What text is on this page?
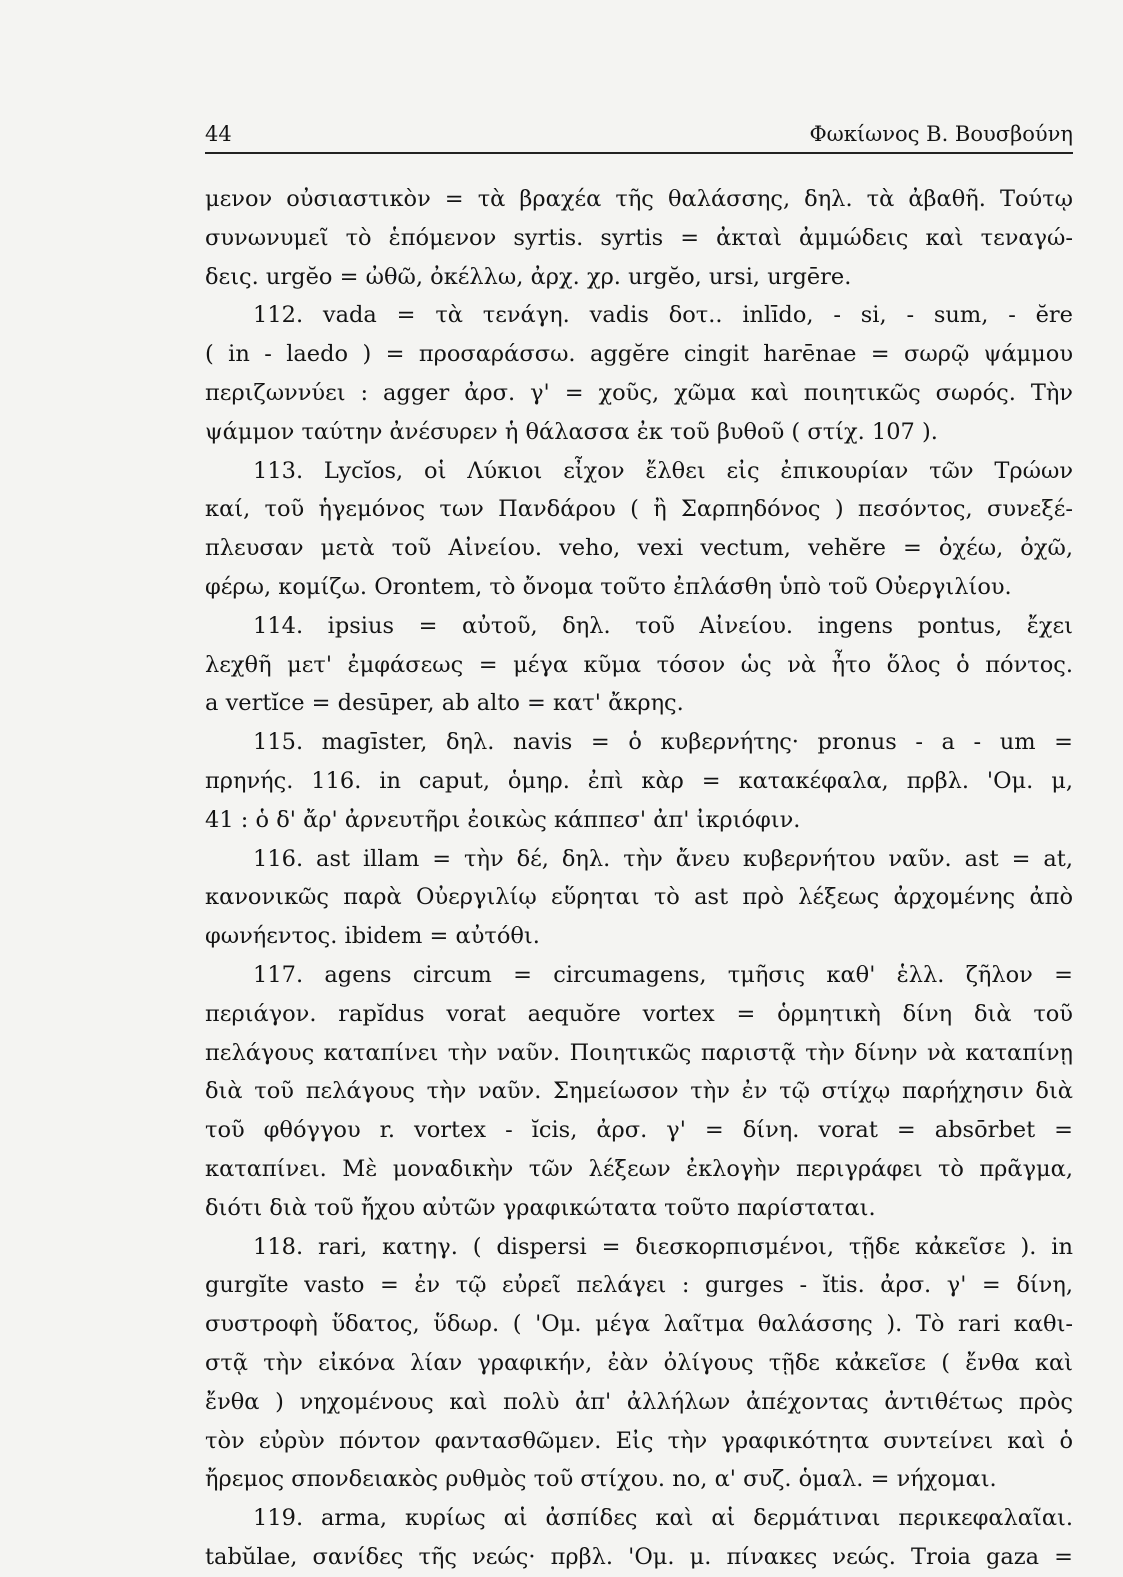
44	Φωκίωνος Β. Βουσβούνη
μενον οὐσιαστικὸν = τὰ βραχέα τῆς θαλάσσης, δηλ. τὰ ἀβαθῆ. Τούτῳ
συνωνυμεῖ τὸ ἑπόμενον syrtis. syrtis = ἀκταὶ ἀμμώδεις καὶ τεναγώ-
δεις. urgĕo = ὠθῶ, ὀκέλλω, ἀρχ. χρ. urgĕo, ursi, urgēre.
112. vada = τὰ τενάγη. vadis δοτ.. inlīdo, - si, - sum, - ĕre
( in - laedo ) = προσαράσσω. aggĕre cingit harēnae = σωρῷ ψάμμου
περιζωννύει : agger ἀρσ. γ' = χοῦς, χῶμα καὶ ποιητικῶς σωρός. Τὴν
ψάμμον ταύτην ἀνέσυρεν ἡ θάλασσα ἐκ τοῦ βυθοῦ ( στίχ. 107 ).
113. Lycĭos, οἱ Λύκιοι εἶχον ἔλθει εἰς ἐπικουρίαν τῶν Τρώων
καί, τοῦ ἡγεμόνος των Πανδάρου ( ἢ Σαρπηδόνος ) πεσόντος, συνεξέ-
πλευσαν μετὰ τοῦ Αἰνείου. veho, vexi vectum, vehĕre = ὀχέω, ὀχῶ,
φέρω, κομίζω. Orontem, τὸ ὄνομα τοῦτο ἐπλάσθη ὑπὸ τοῦ Οὐεργιλίου.
114. ipsius = αὐτοῦ, δηλ. τοῦ Αἰνείου. ingens pontus, ἔχει
λεχθῆ μετ' ἐμφάσεως = μέγα κῦμα τόσον ὡς νὰ ἦτο ὅλος ὁ πόντος.
a vertĭce = desūper, ab alto = κατ' ἄκρης.
115. magīster, δηλ. navis = ὁ κυβερνήτης· pronus - a - um =
πρηνής. 116. in caput, ὁμηρ. ἐπὶ κὰρ = κατακέφαλα, πρβλ. 'Ομ. μ,
41 : ὁ δ' ἄρ' ἀρνευτῆρι ἐοικὼς κάππεσ' ἀπ' ἰκριόφιν.
116. ast illam = τὴν δέ, δηλ. τὴν ἄνευ κυβερνήτου ναῦν. ast = at,
κανονικῶς παρὰ Οὐεργιλίῳ εὕρηται τὸ ast πρὸ λέξεως ἀρχομένης ἀπὸ
φωνήεντος. ibidem = αὐτόθι.
117. agens circum = circumagens, τμῆσις καθ' ἑλλ. ζῆλον =
περιάγον. rapĭdus vorat aequŏre vortex = ὁρμητικὴ δίνη διὰ τοῦ
πελάγους καταπίνει τὴν ναῦν. Ποιητικῶς παριστᾷ τὴν δίνην νὰ καταπίνῃ
διὰ τοῦ πελάγους τὴν ναῦν. Σημείωσον τὴν ἐν τῷ στίχῳ παρήχησιν διὰ
τοῦ φθόγγου r. vortex - ĭcis, ἀρσ. γ' = δίνη. vorat = absōrbet =
καταπίνει. Μὲ μοναδικὴν τῶν λέξεων ἐκλογὴν περιγράφει τὸ πρᾶγμα,
διότι διὰ τοῦ ἤχου αὐτῶν γραφικώτατα τοῦτο παρίσταται.
118. rari, κατηγ. ( dispersi = διεσκορπισμένοι, τῇδε κἀκεῖσε ). in
gurgĭte vasto = ἐν τῷ εὐρεῖ πελάγει : gurges - ĭtis. ἀρσ. γ' = δίνη,
συστροφὴ ὕδατος, ὕδωρ. ( 'Ομ. μέγα λαῖτμα θαλάσσης ). Τὸ rari καθι-
στᾷ τὴν εἰκόνα λίαν γραφικήν, ἐὰν ὀλίγους τῇδε κἀκεῖσε ( ἔνθα καὶ
ἔνθα ) νηχομένους καὶ πολὺ ἀπ' ἀλλήλων ἀπέχοντας ἀντιθέτως πρὸς
τὸν εὐρὺν πόντον φαντασθῶμεν. Εἰς τὴν γραφικότητα συντείνει καὶ ὁ
ἤρεμος σπονδειακὸς ρυθμὸς τοῦ στίχου. no, α' συζ. ὁμαλ. = νήχομαι.
119. arma, κυρίως αἱ ἀσπίδες καὶ αἱ δερμάτιναι περικεφαλαῖαι.
tabŭlae, σανίδες τῆς νεώς· πρβλ. 'Ομ. μ. πίνακες νεώς. Troia gaza =
